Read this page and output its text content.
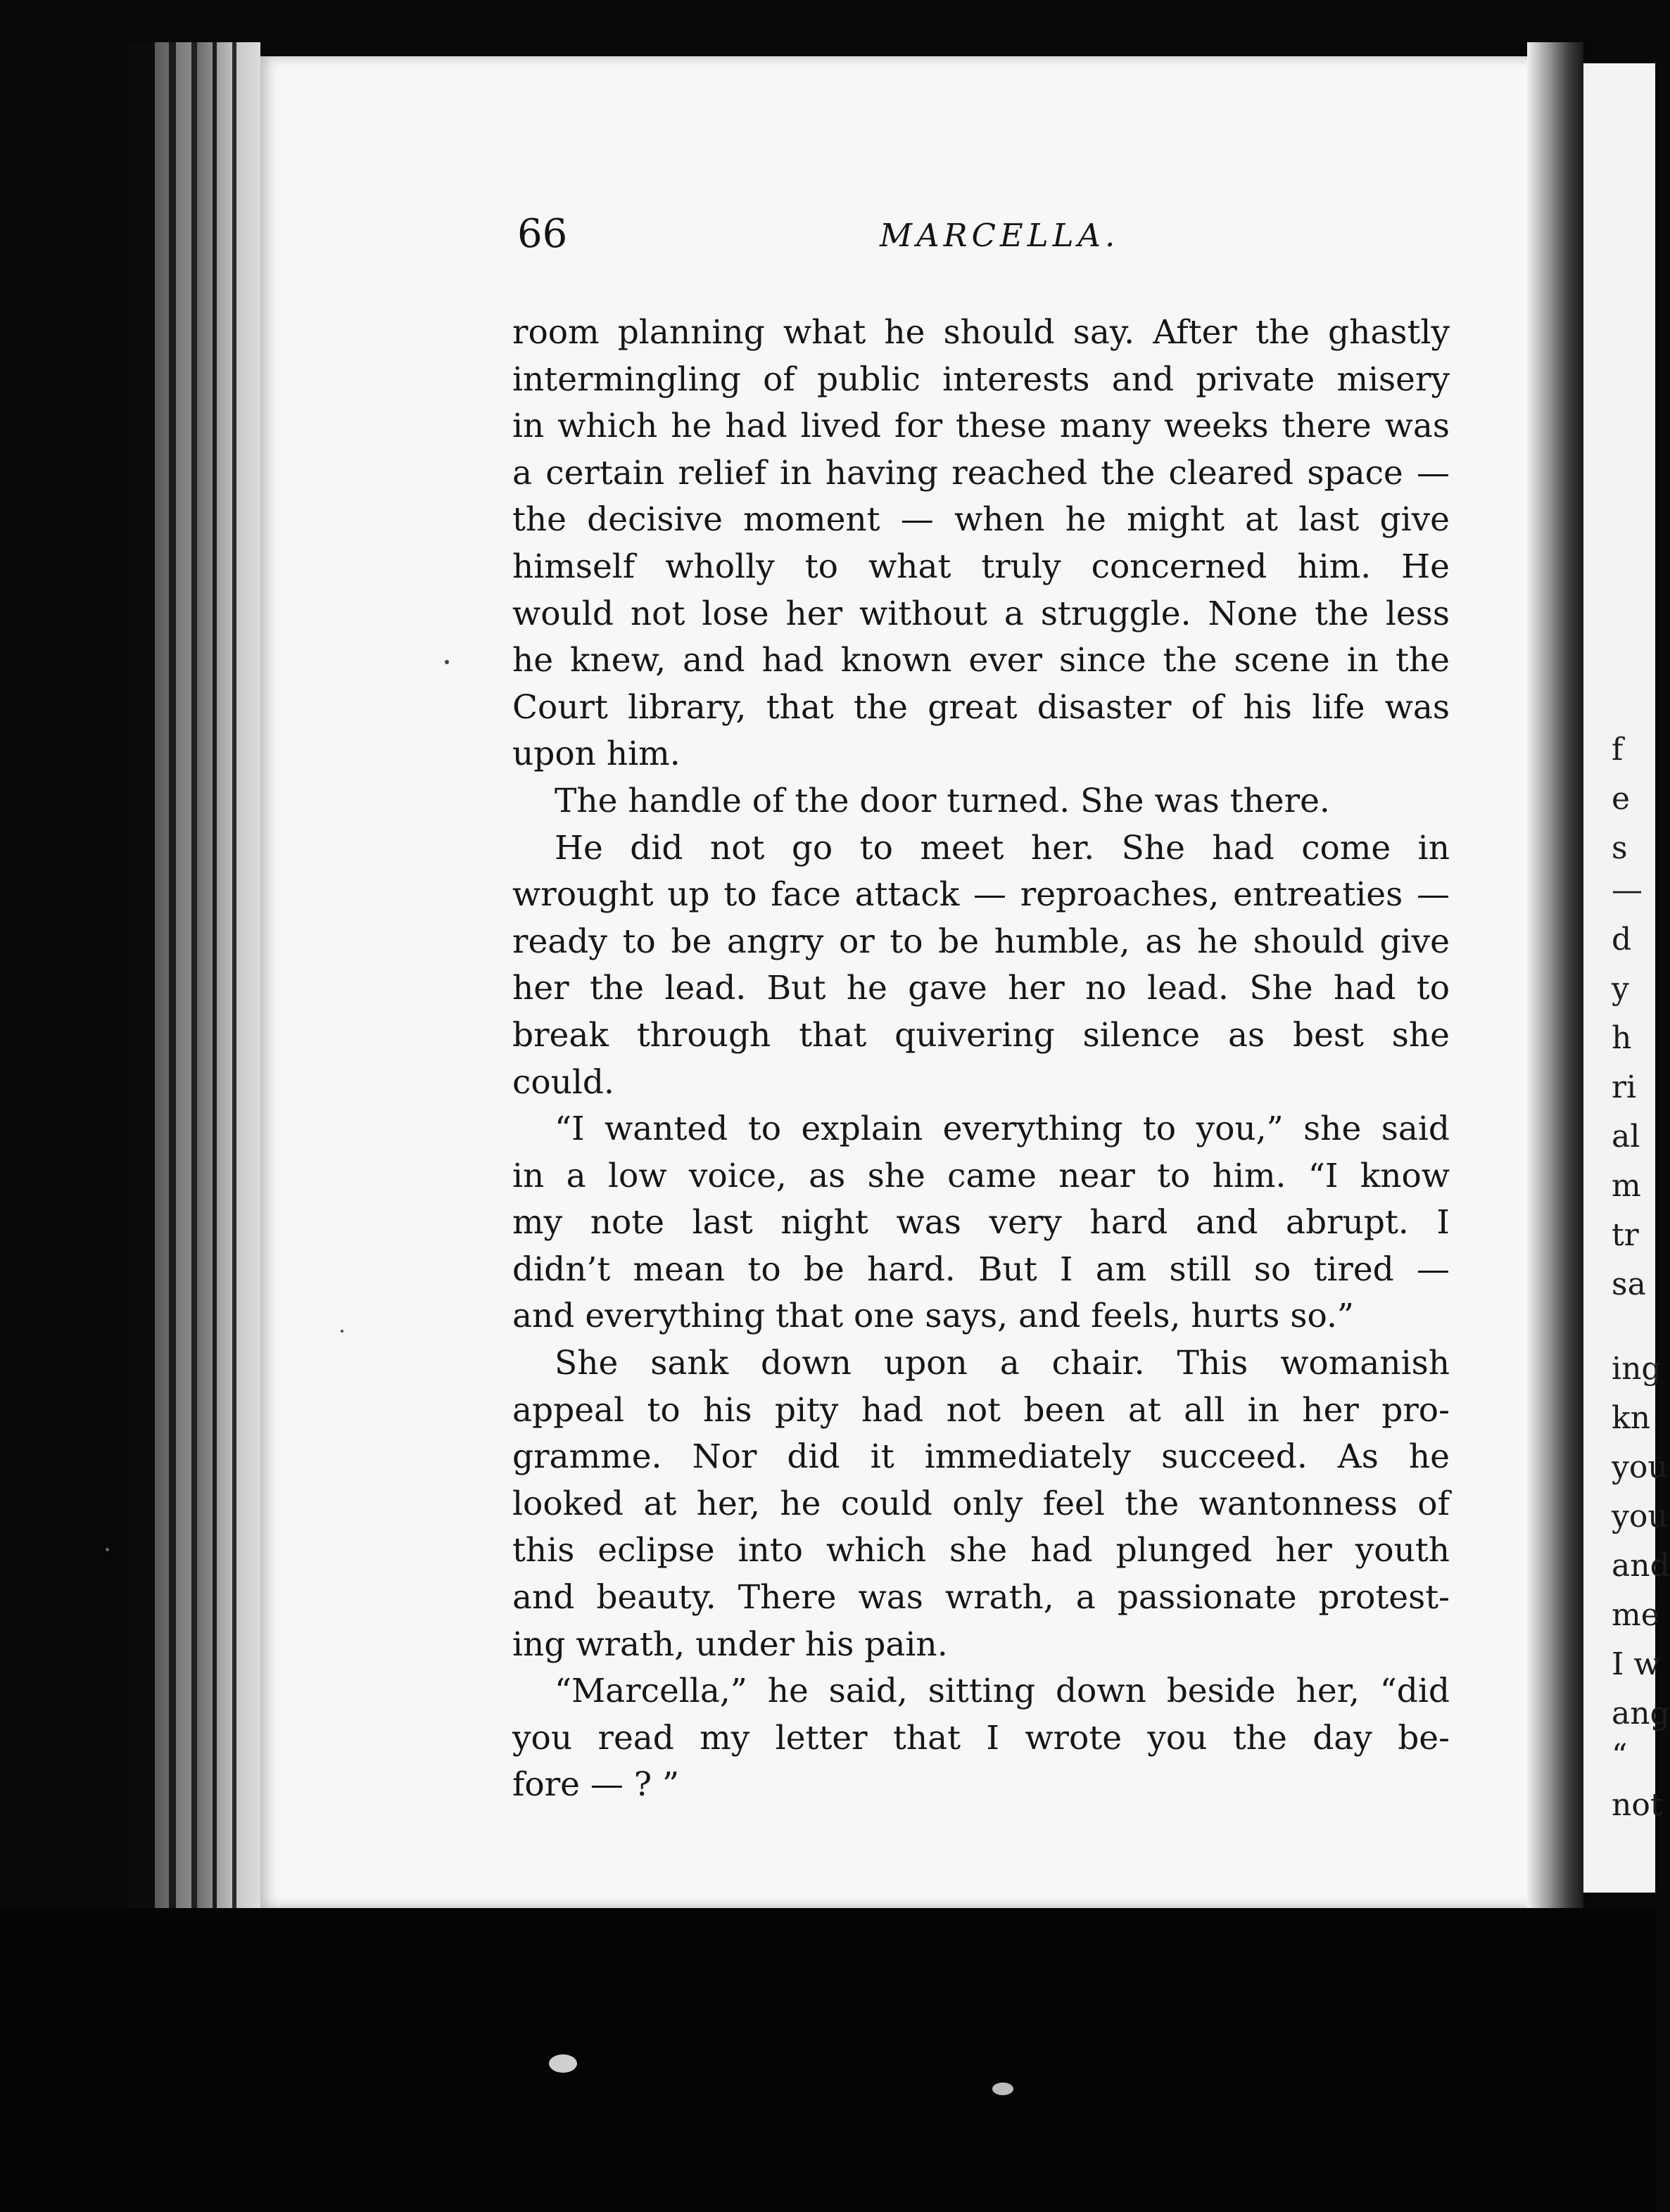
f
e
s
—
d
y
h
ri
al
m
tr
sa
ing
kn
you
you
and
me
I w
ang
“
not
66	MARCELLA.
room planning what he should say. After the ghastly
intermingling of public interests and private misery
in which he had lived for these many weeks there was
a certain relief in having reached the cleared space —
the decisive moment — when he might at last give
himself wholly to what truly concerned him. He
would not lose her without a struggle. None the less
he knew, and had known ever since the scene in the
Court library, that the great disaster of his life was
upon him.
The handle of the door turned. She was there.
He did not go to meet her. She had come in
wrought up to face attack — reproaches, entreaties —
ready to be angry or to be humble, as he should give
her the lead. But he gave her no lead. She had to
break through that quivering silence as best she
could.
“I wanted to explain everything to you,” she said
in a low voice, as she came near to him. “I know
my note last night was very hard and abrupt. I
didn’t mean to be hard. But I am still so tired —
and everything that one says, and feels, hurts so.”
She sank down upon a chair. This womanish
appeal to his pity had not been at all in her pro-
gramme. Nor did it immediately succeed. As he
looked at her, he could only feel the wantonness of
this eclipse into which she had plunged her youth
and beauty. There was wrath, a passionate protest-
ing wrath, under his pain.
“Marcella,” he said, sitting down beside her, “did
you read my letter that I wrote you the day be-
fore — ? ”
